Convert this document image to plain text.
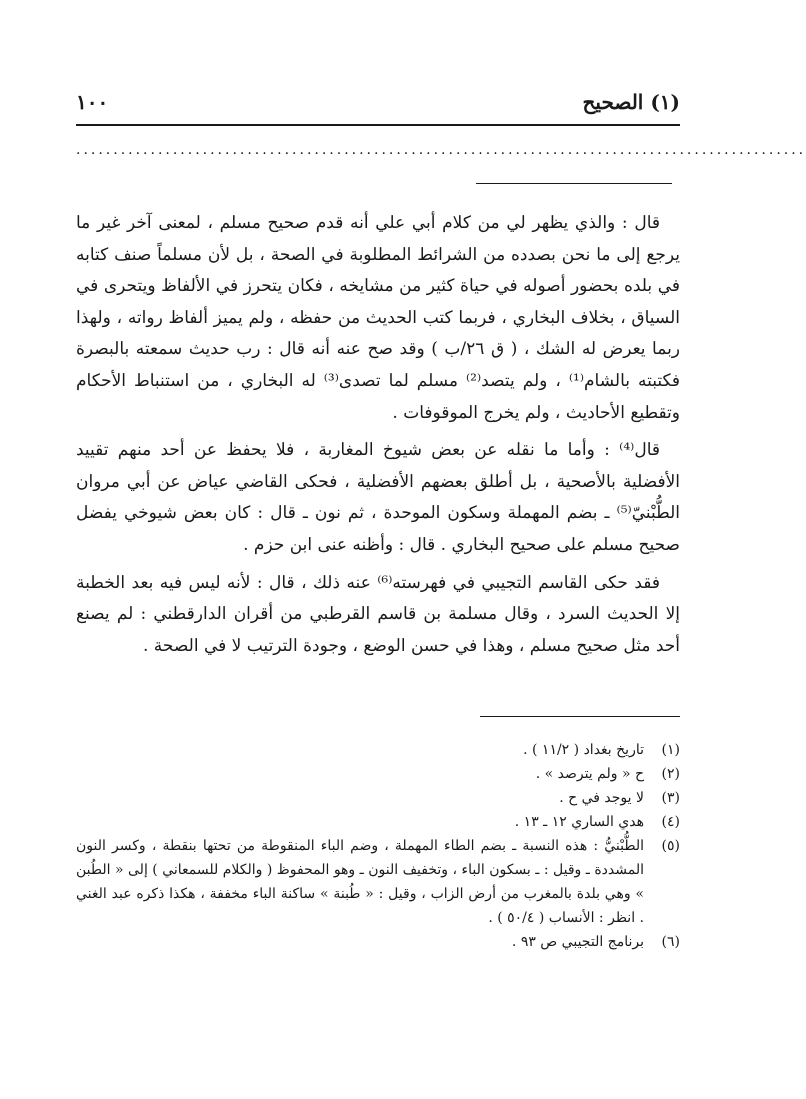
١٠٠	(١) الصحيح
..................................................................................................

قال : والذي يظهر لي من كلام أبي علي أنه قدم صحيح مسلم ، لمعنى آخر غير ما يرجع إلى ما نحن بصدده من الشرائط المطلوبة في الصحة ، بل لأن مسلماً صنف كتابه في بلده بحضور أصوله في حياة كثير من مشايخه ، فكان يتحرز في الألفاظ ويتحرى في السياق ، بخلاف البخاري ، فربما كتب الحديث من حفظه ، ولم يميز ألفاظ رواته ، ولهذا ربما يعرض له الشك ، ( ق ٢٦/ب ) وقد صح عنه أنه قال : رب حديث سمعته بالبصرة فكتبته بالشام⁽¹⁾ ، ولم يتصد⁽²⁾ مسلم لما تصدى⁽³⁾ له البخاري ، من استنباط الأحكام وتقطيع الأحاديث ، ولم يخرج الموقوفات .

قال⁽⁴⁾ : وأما ما نقله عن بعض شيوخ المغاربة ، فلا يحفظ عن أحد منهم تقييد الأفضلية بالأصحية ، بل أطلق بعضهم الأفضلية ، فحكى القاضي عياض عن أبي مروان الطُّبْنيّ⁽⁵⁾ ـ بضم المهملة وسكون الموحدة ، ثم نون ـ قال : كان بعض شيوخي يفضل صحيح مسلم على صحيح البخاري . قال : وأظنه عنى ابن حزم .

فقد حكى القاسم التجيبي في فهرسته⁽⁶⁾ عنه ذلك ، قال : لأنه ليس فيه بعد الخطبة إلا الحديث السرد ، وقال مسلمة بن قاسم القرطبي من أقران الدارقطني : لم يصنع أحد مثل صحيح مسلم ، وهذا في حسن الوضع ، وجودة الترتيب لا في الصحة .

(١)
تاريخ بغداد ( ١١/٢ ) .
(٢)
ح « ولم يترصد » .
(٣)
لا يوجد في ح .
(٤)
هدي الساري ١٢ ـ ١٣ .
(٥)
الطُّبْنيُّ : هذه النسبة ـ بضم الطاء المهملة ، وضم الباء المنقوطة من تحتها بنقطة ، وكسر النون المشددة ـ وقيل : ـ بسكون الباء ، وتخفيف النون ـ وهو المحفوظ ( والكلام للسمعاني ) إلى « الطُبن » وهي بلدة بالمغرب من أرض الزاب ، وقيل : « طُبنة » ساكنة الباء مخففة ، هكذا ذكره عبد الغني . انظر : الأنساب ( ٥٠/٤ ) .
(٦)
برنامج التجيبي ص ٩٣ .
